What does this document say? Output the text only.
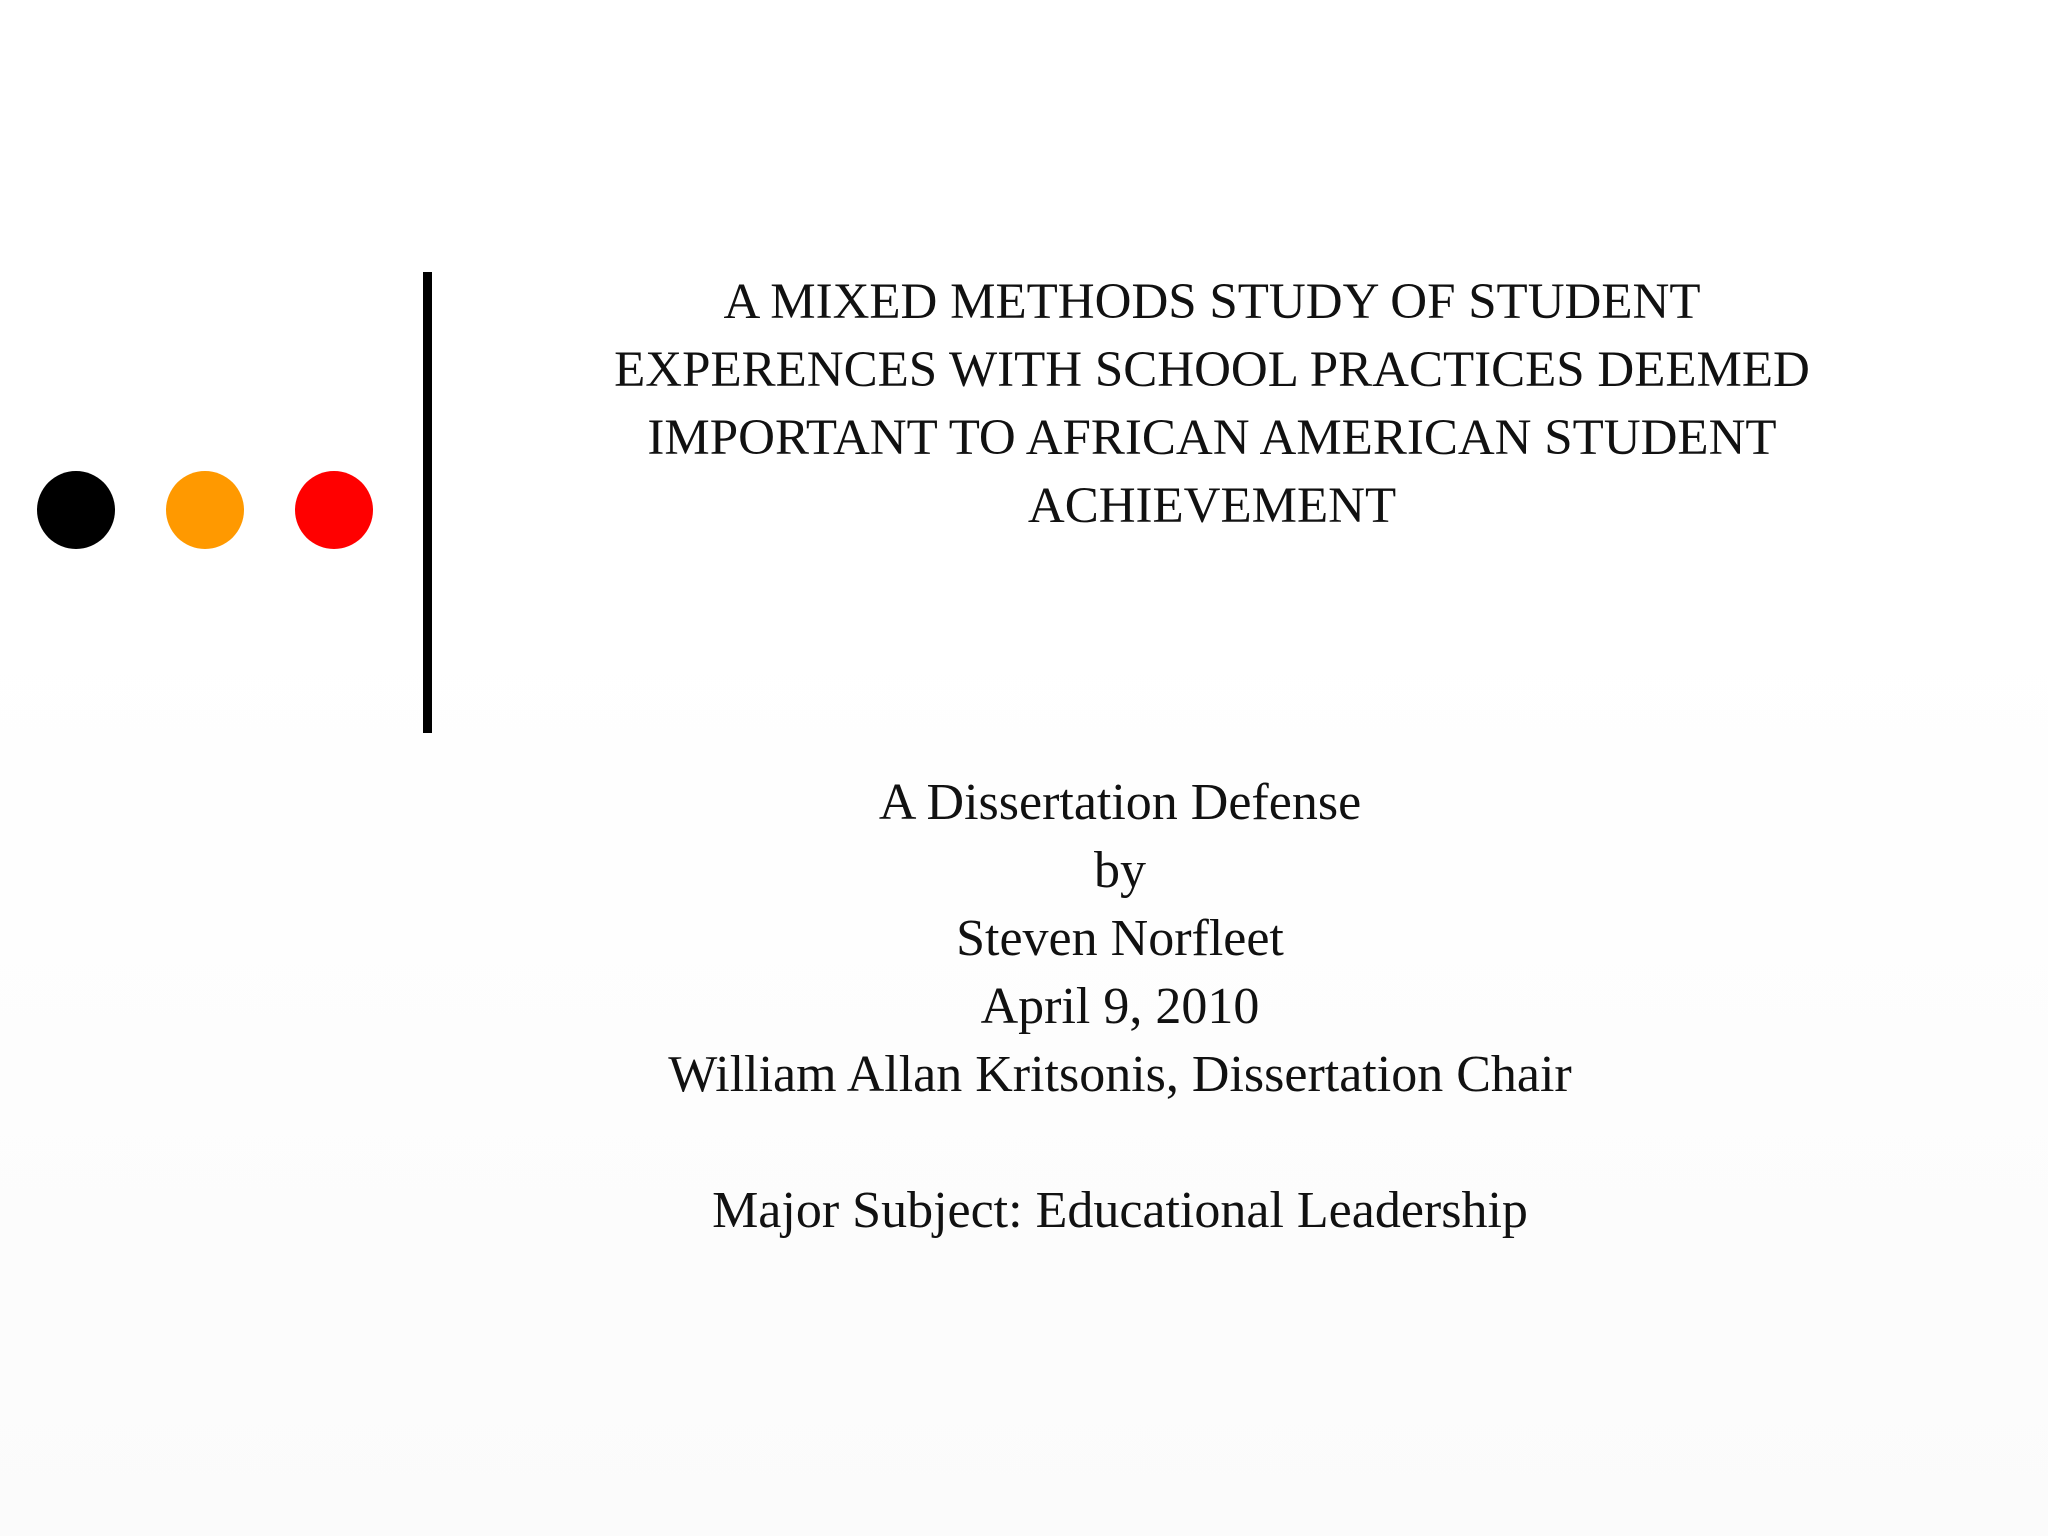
A MIXED METHODS STUDY OF STUDENT
EXPERENCES WITH SCHOOL PRACTICES DEEMED
IMPORTANT TO AFRICAN AMERICAN STUDENT
ACHIEVEMENT
A Dissertation Defense
by
Steven Norfleet
April 9, 2010
William Allan Kritsonis, Dissertation Chair
Major Subject: Educational Leadership
